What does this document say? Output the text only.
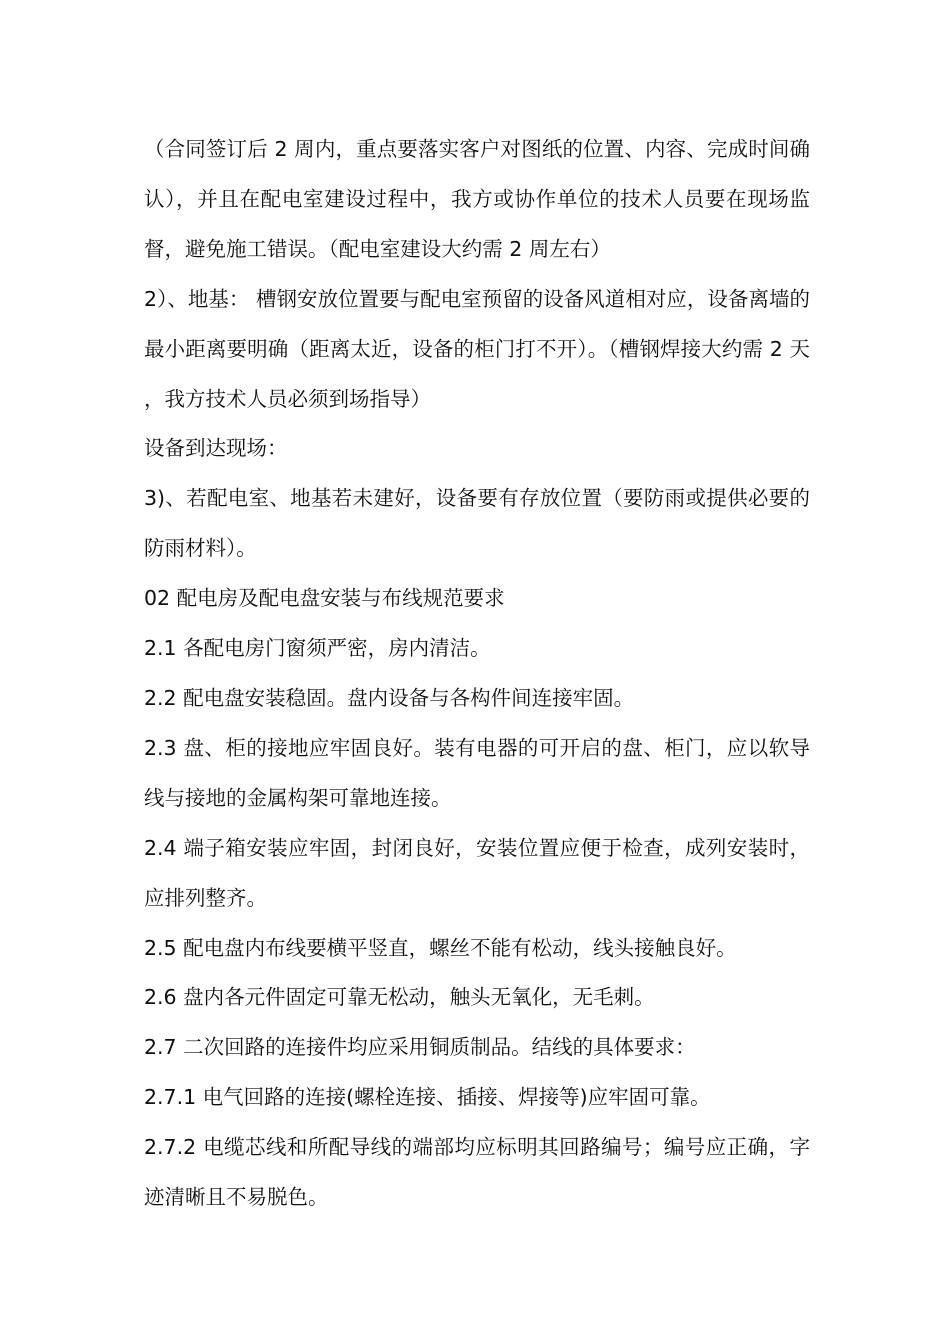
（合同签订后 2 周内，重点要落实客户对图纸的位置、内容、完成时间确认），并且在配电室建设过程中，我方或协作单位的技术人员要在现场监督，避免施工错误。（配电室建设大约需 2 周左右）

2）、地基： 槽钢安放位置要与配电室预留的设备风道相对应，设备离墙的最小距离要明确（距离太近，设备的柜门打不开）。（槽钢焊接大约需 2 天，我方技术人员必须到场指导）

设备到达现场：

3)、若配电室、地基若未建好，设备要有存放位置（要防雨或提供必要的防雨材料）。

02 配电房及配电盘安装与布线规范要求

2.1 各配电房门窗须严密，房内清洁。

2.2 配电盘安装稳固。盘内设备与各构件间连接牢固。

2.3 盘、柜的接地应牢固良好。装有电器的可开启的盘、柜门，应以软导线与接地的金属构架可靠地连接。

2.4 端子箱安装应牢固，封闭良好，安装位置应便于检查，成列安装时，应排列整齐。

2.5 配电盘内布线要横平竖直，螺丝不能有松动，线头接触良好。

2.6 盘内各元件固定可靠无松动，触头无氧化，无毛刺。

2.7 二次回路的连接件均应采用铜质制品。结线的具体要求：

2.7.1 电气回路的连接(螺栓连接、插接、焊接等)应牢固可靠。

2.7.2 电缆芯线和所配导线的端部均应标明其回路编号；编号应正确，字迹清晰且不易脱色。
